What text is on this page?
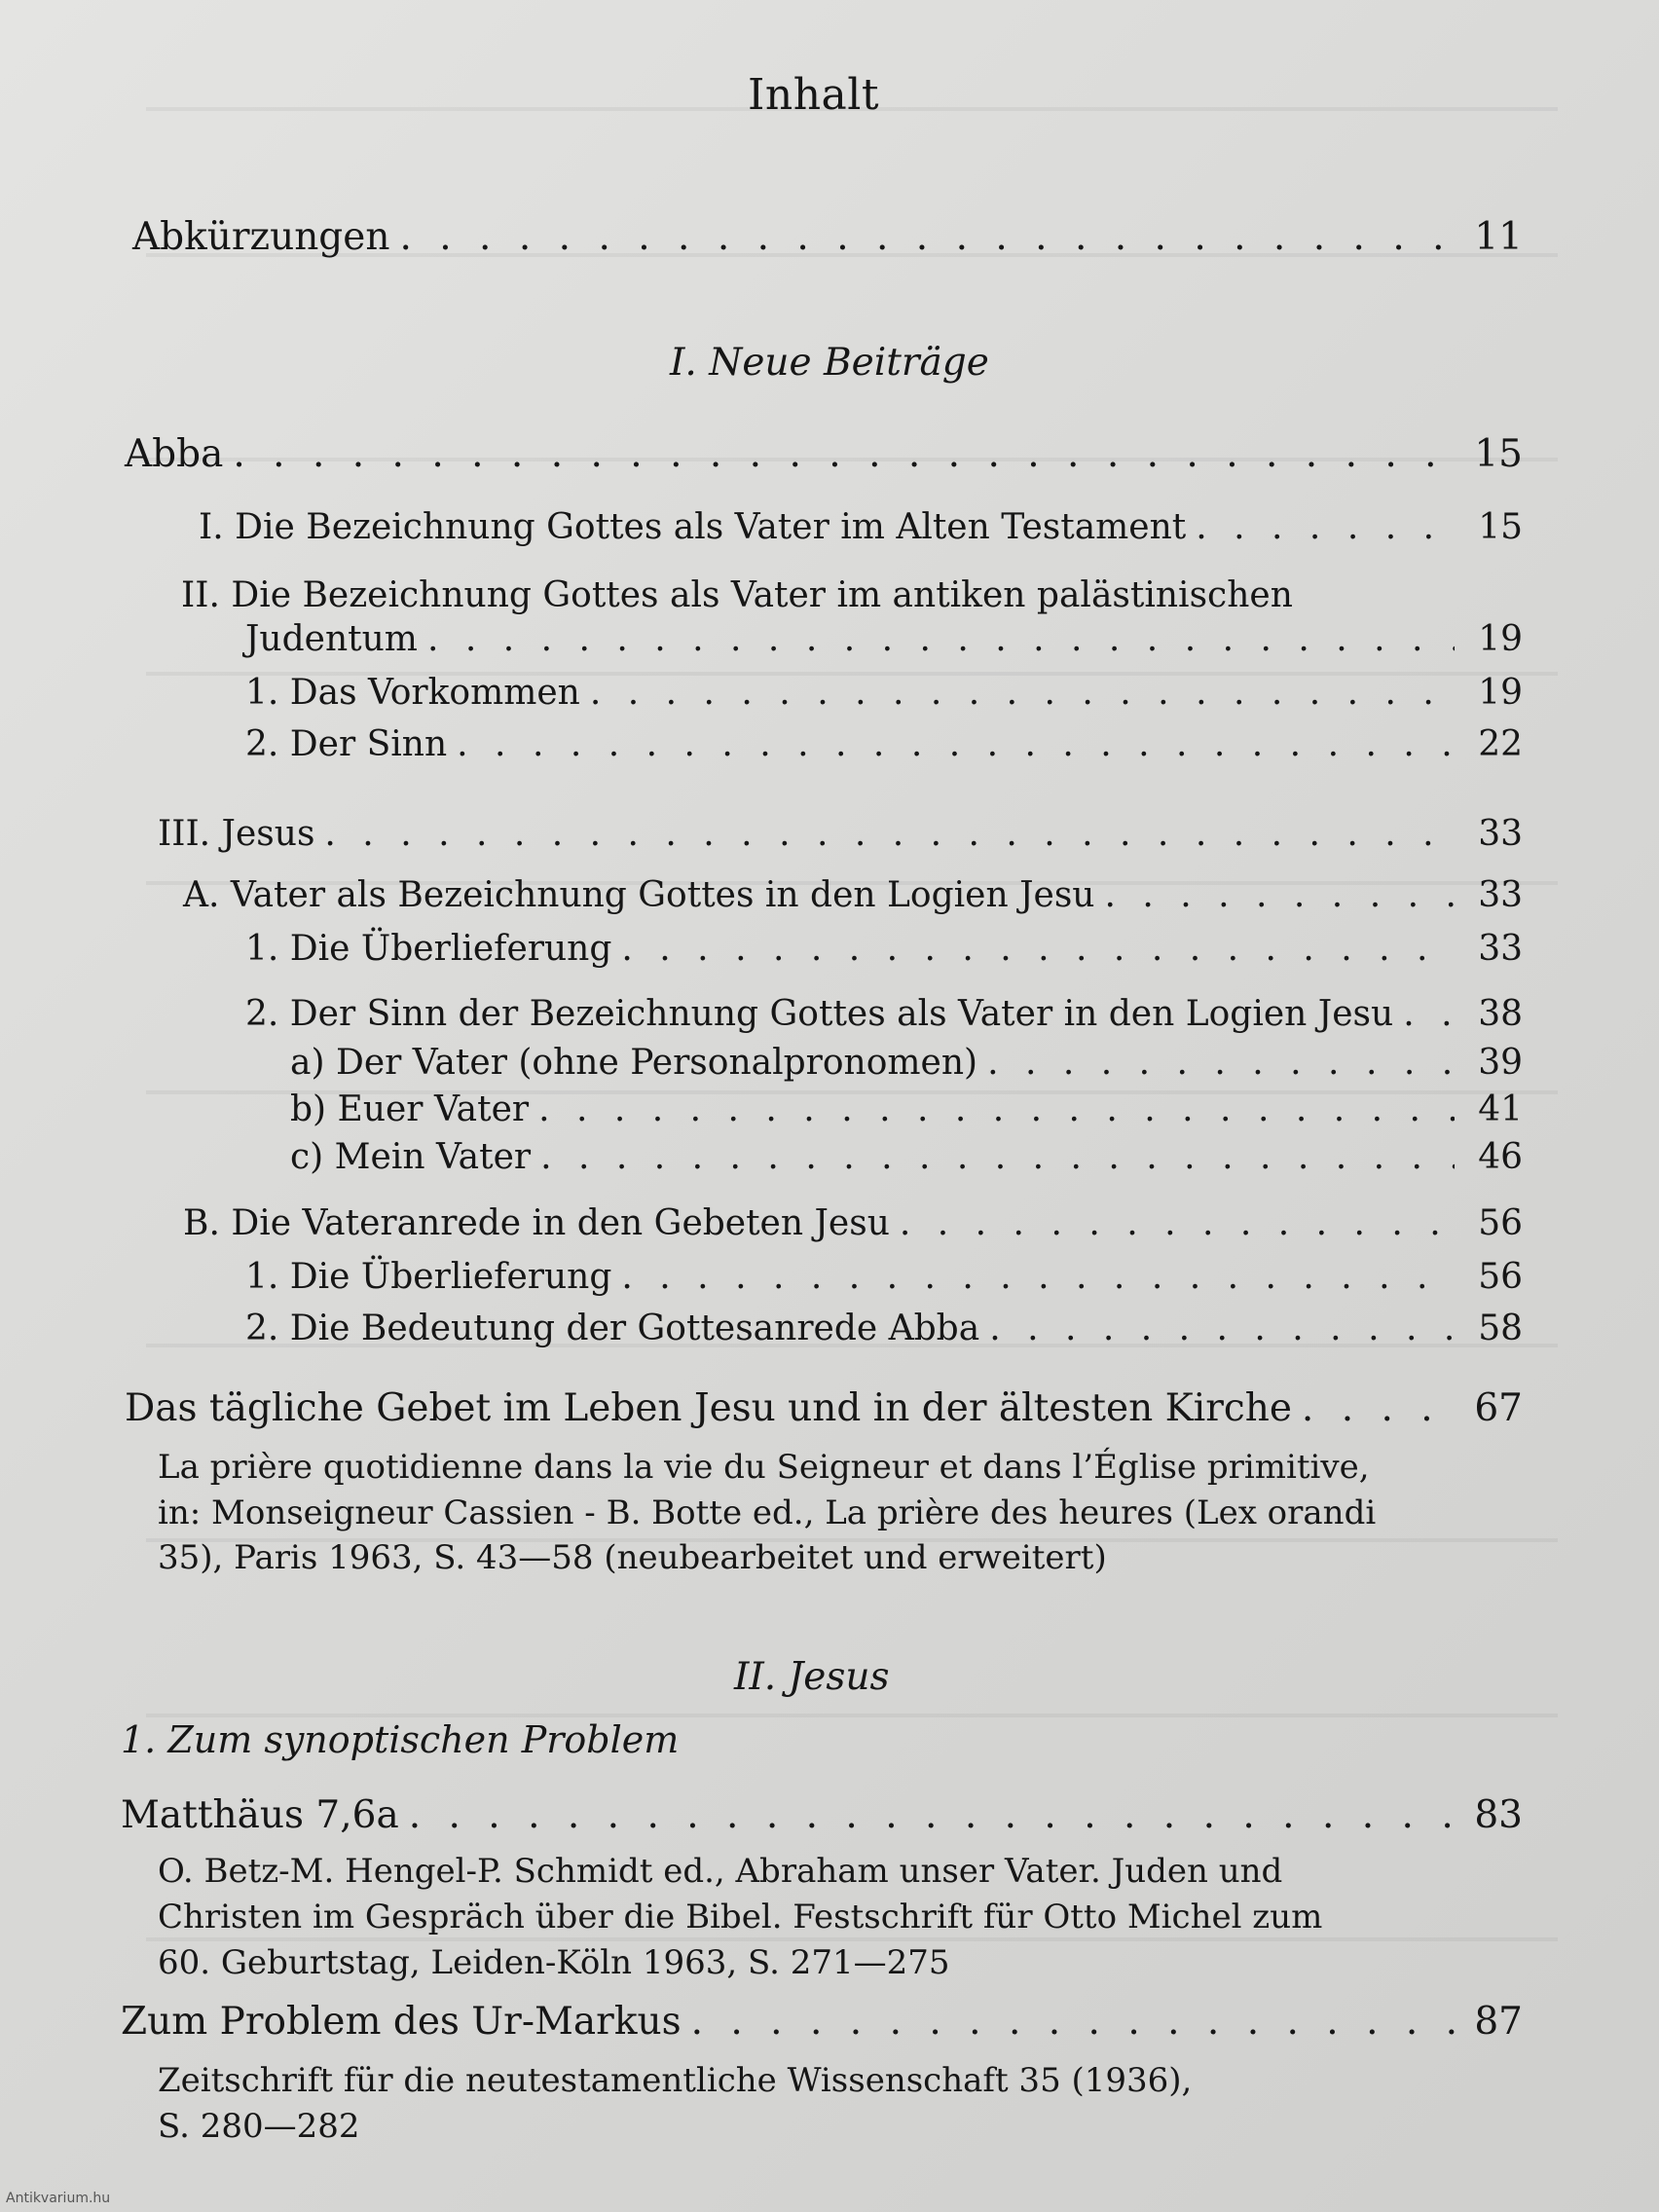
Inhalt
Abkürzungen . . .	11
I. Neue Beiträge
Abba . . .	15
I. Die Bezeichnung Gottes als Vater im Alten Testament . . .	15
II. Die Bezeichnung Gottes als Vater im antiken palästinischen
Judentum . . .	19
1. Das Vorkommen . . .	19
2. Der Sinn . . .	22
III. Jesus . . .	33
A. Vater als Bezeichnung Gottes in den Logien Jesu . . .	33
1. Die Überlieferung . . .	33
2. Der Sinn der Bezeichnung Gottes als Vater in den Logien Jesu . . .	38
a) Der Vater (ohne Personalpronomen) . . .	39
b) Euer Vater . . .	41
c) Mein Vater . . .	46
B. Die Vateranrede in den Gebeten Jesu . . .	56
1. Die Überlieferung . . .	56
2. Die Bedeutung der Gottesanrede Abba . . .	58
Das tägliche Gebet im Leben Jesu und in der ältesten Kirche . . .	67
La prière quotidienne dans la vie du Seigneur et dans l’Église primitive,
in: Monseigneur Cassien - B. Botte ed., La prière des heures (Lex orandi
35), Paris 1963, S. 43—58 (neubearbeitet und erweitert)
II. Jesus
1. Zum synoptischen Problem
Matthäus 7,6a . . .	83
O. Betz-M. Hengel-P. Schmidt ed., Abraham unser Vater. Juden und
Christen im Gespräch über die Bibel. Festschrift für Otto Michel zum
60. Geburtstag, Leiden-Köln 1963, S. 271—275
Zum Problem des Ur-Markus . . .	87
Zeitschrift für die neutestamentliche Wissenschaft 35 (1936),
S. 280—282
Antikvarium.hu
